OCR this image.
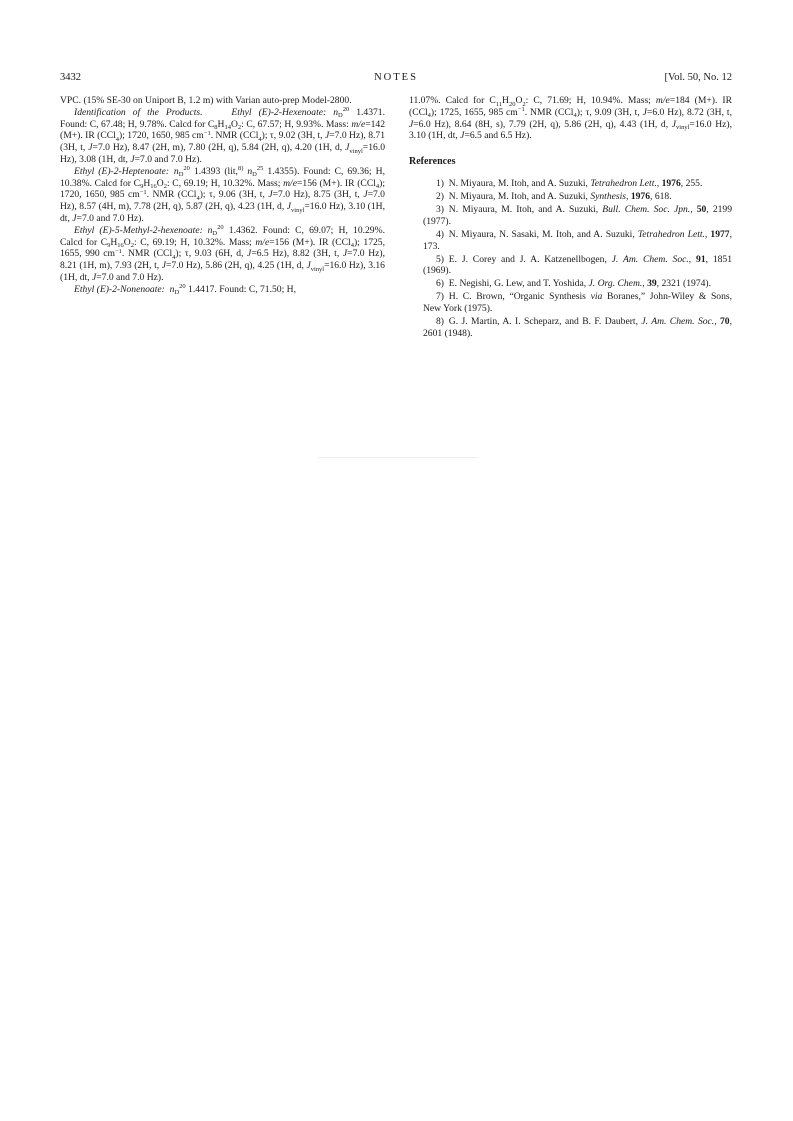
3432	NOTES	[Vol. 50, No. 12

VPC. (15% SE-30 on Uniport B, 1.2 m) with Varian auto-prep Model-2800.

Identification of the Products.   	Ethyl (E)-2-Hexenoate: $n_D^{20}$ 1.4371. Found: C, 67.48; H, 9.78%. Calcd for $C_8H_{14}O_2$: C, 67.57; H, 9.93%. Mass: m/e=142 (M+). IR (CCl$_4$); 1720, 1650, 985 $cm^{-1}$. NMR (CCl$_4$); τ, 9.02 (3H, t, J=7.0 Hz), 8.71 (3H, t, J=7.0 Hz), 8.47 (2H, m), 7.80 (2H, q), 5.84 (2H, q), 4.20 (1H, d, $J_{vinyl}=16.0$ Hz), 3.08 (1H, dt, J=7.0 and 7.0 Hz).

Ethyl (E)-2-Heptenoate:  $n_D^{20}$ 1.4393 (lit,$^{8)}$ $n_D^{25}$ 1.4355). Found: C, 69.36; H, 10.38%. Calcd for $C_9H_{16}O_2$: C, 69.19; H, 10.32%. Mass; m/e=156 (M+). IR (CCl$_4$); 1720, 1650, 985 $cm^{-1}$. NMR (CCl$_4$); τ, 9.06 (3H, t, J=7.0 Hz), 8.75 (3H, t, J=7.0 Hz), 8.57 (4H, m), 7.78 (2H, q), 5.87 (2H, q), 4.23 (1H, d, $J_{vinyl}=16.0$ Hz), 3.10 (1H, dt, J=7.0 and 7.0 Hz).

Ethyl (E)-5-Methyl-2-hexenoate:  $n_D^{20}$ 1.4362. Found: C, 69.07; H, 10.29%. Calcd for $C_9H_{16}O_2$: C, 69.19; H, 10.32%. Mass; m/e=156 (M+). IR (CCl$_4$); 1725, 1655, 990 $cm^{-1}$. NMR (CCl$_4$); τ, 9.03 (6H, d, J=6.5 Hz), 8.82 (3H, t, J=7.0 Hz), 8.21 (1H, m), 7.93 (2H, t, J=7.0 Hz), 5.86 (2H, q), 4.25 (1H, d, $J_{vinyl}=16.0$ Hz), 3.16 (1H, dt, J=7.0 and 7.0 Hz).

Ethyl (E)-2-Nonenoate:  $n_D^{20}$ 1.4417. Found: C, 71.50; H,

11.07%. Calcd for $C_{11}H_{20}O_2$: C, 71.69; H, 10.94%. Mass; m/e=184 (M+). IR (CCl$_4$); 1725, 1655, 985 $cm^{-1}$. NMR (CCl$_4$); τ, 9.09 (3H, t, J=6.0 Hz), 8.72 (3H, t, J=6.0 Hz), 8.64 (8H, s), 7.79 (2H, q), 5.86 (2H, q), 4.43 (1H, d, $J_{vinyl}=16.0$ Hz), 3.10 (1H, dt, J=6.5 and 6.5 Hz).

References

1)  N. Miyaura, M. Itoh, and A. Suzuki, Tetrahedron Lett., 1976, 255.

2)  N. Miyaura, M. Itoh, and A. Suzuki, Synthesis, 1976, 618.

3)  N. Miyaura, M. Itoh, and A. Suzuki, Bull. Chem. Soc. Jpn., 50, 2199 (1977).

4)  N. Miyaura, N. Sasaki, M. Itoh, and A. Suzuki, Tetrahedron Lett., 1977, 173.

5)  E. J. Corey and J. A. Katzenellbogen, J. Am. Chem. Soc., 91, 1851 (1969).

6)  E. Negishi, G. Lew, and T. Yoshida, J. Org. Chem., 39, 2321 (1974).

7)  H. C. Brown, “Organic Synthesis via Boranes,” John-Wiley & Sons, New York (1975).

8)  G. J. Martin, A. I. Scheparz, and B. F. Daubert, J. Am. Chem. Soc., 70, 2601 (1948).
